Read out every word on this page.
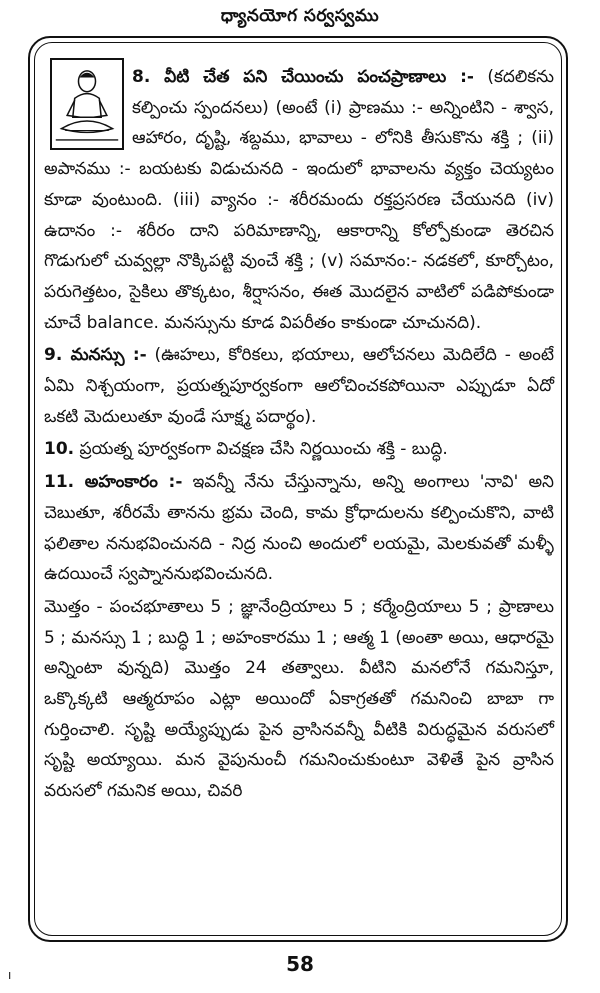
ధ్యానయోగ సర్వస్వము

8. వీటి చేత పని చేయించు పంచప్రాణాలు :- (కదలికను కల్పించు స్పందనలు) (అంటే (i) ప్రాణము :- అన్నింటిని - శ్వాస, ఆహారం, దృష్టి, శబ్దము, భావాలు - లోనికి తీసుకొను శక్తి ; (ii) అపానము :- బయటకు విడుచునది - ఇందులో భావాలను వ్యక్తం చెయ్యటం కూడా వుంటుంది. (iii) వ్యానం :- శరీరమందు రక్తప్రసరణ చేయునది (iv) ఉదానం :- శరీరం దాని పరిమాణాన్ని, ఆకారాన్ని కోల్పోకుండా తెరచిన గొడుగులో చువ్వల్లా నొక్కిపట్టి వుంచే శక్తి ; (v) సమానం:- నడకలో, కూర్చోటం, పరుగెత్తటం, సైకిలు తొక్కటం, శీర్షాసనం, ఈత మొదలైన వాటిలో పడిపోకుండా చూచే balance. మనస్సును కూడ విపరీతం కాకుండా చూచునది).

9. మనస్సు :- (ఊహలు, కోరికలు, భయాలు, ఆలోచనలు మెదిలేది - అంటే ఏమి నిశ్చయంగా, ప్రయత్నపూర్వకంగా ఆలోచించకపోయినా ఎప్పుడూ ఏదో ఒకటి మెదులుతూ వుండే సూక్ష్మ పదార్థం).

10. ప్రయత్న పూర్వకంగా విచక్షణ చేసి నిర్ణయించు శక్తి - బుద్ధి.

11. అహంకారం :- ఇవన్నీ నేను చేస్తున్నాను, అన్ని అంగాలు 'నావి' అని చెబుతూ, శరీరమే తానను భ్రమ చెంది, కామ క్రోధాదులను కల్పించుకొని, వాటి ఫలితాల ననుభవించునది - నిద్ర నుంచి అందులో లయమై, మెలకువతో మళ్ళీ ఉదయించే స్వప్నాననుభవించునది.

మొత్తం - పంచభూతాలు 5 ; జ్ఞానేంద్రియాలు 5 ; కర్మేంద్రియాలు 5 ; ప్రాణాలు 5 ; మనస్సు 1 ; బుద్ధి 1 ; అహంకారము 1 ; ఆత్మ 1 (అంతా అయి, ఆధారమై అన్నింటా వున్నది) మొత్తం 24 తత్వాలు. వీటిని మనలోనే గమనిస్తూ, ఒక్కొక్కటి ఆత్మరూపం ఎట్లా అయిందో ఏకాగ్రతతో గమనించి బాబా గా గుర్తించాలి. సృష్టి అయ్యేప్పుడు పైన వ్రాసినవన్నీ వీటికి విరుద్ధమైన వరుసలో సృష్టి అయ్యాయి. మన వైపునుంచీ గమనించుకుంటూ వెళితే పైన వ్రాసిన వరుసలో గమనిక అయి, చివరి

58
ı
